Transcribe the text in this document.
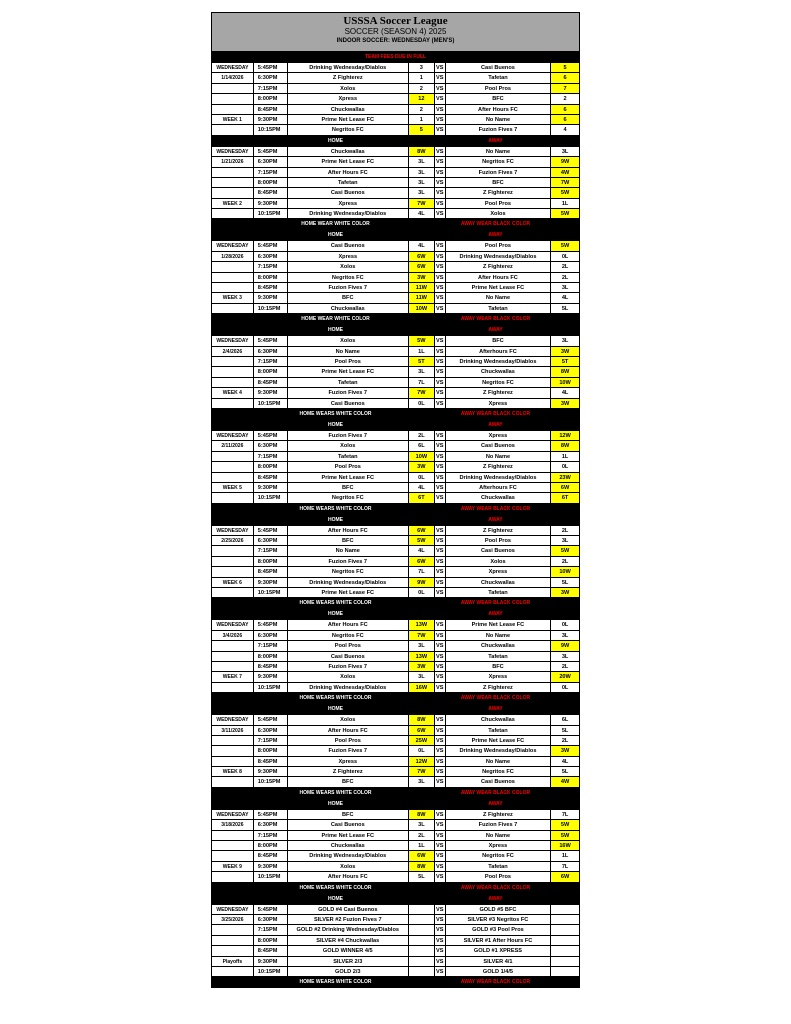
USSSA Soccer League
SOCCER (SEASON 4) 2025
INDOOR SOCCER: WEDNESDAY (MEN'S)
TEAM FEES DUE IN FULL
WEDNESDAY	5:45PM	Drinking Wednesday/Diablos	3	VS	Casi Buenos	5
1/14/2026	6:30PM	Z Fighterez	1	VS	Tafetan	6
7:15PM	Xolos	2	VS	Pool Pros	7
8:00PM	Xpress	12	VS	BFC	2
8:45PM	Chuckwallas	2	VS	After Hours FC	6
WEEK 1	9:30PM	Prime Net Lease FC	1	VS	No Name	6
10:15PM	Negritos FC	5	VS	Fuzion Fives 7	4
HOME	AWAY
WEDNESDAY	5:45PM	Chuckwallas	8W	VS	No Name	3L
1/21/2026	6:30PM	Prime Net Lease FC	3L	VS	Negritos FC	9W
7:15PM	After Hours FC	3L	VS	Fuzion Fives 7	4W
8:00PM	Tafetan	3L	VS	BFC	7W
8:45PM	Casi Buenos	3L	VS	Z Fighterez	5W
WEEK 2	9:30PM	Xpress	7W	VS	Pool Pros	1L
10:15PM	Drinking Wednesday/Diablos	4L	VS	Xolos	5W
HOME WEAR WHITE COLOR	AWAY WEAR BLACK COLOR
HOME	AWAY
WEDNESDAY	5:45PM	Casi Buenos	4L	VS	Pool Pros	5W
1/28/2026	6:30PM	Xpress	6W	VS	Drinking Wednesday/Diablos	0L
7:15PM	Xolos	6W	VS	Z Fighterez	2L
8:00PM	Negritos FC	3W	VS	After Hours FC	2L
8:45PM	Fuzion Fives 7	11W	VS	Prime Net Lease FC	3L
WEEK 3	9:30PM	BFC	11W	VS	No Name	4L
10:15PM	Chuckwallas	10W	VS	Tafetan	5L
HOME WEAR WHITE COLOR	AWAY WEAR BLACK COLOR
HOME	AWAY
WEDNESDAY	5:45PM	Xolos	5W	VS	BFC	3L
2/4/2026	6:30PM	No Name	1L	VS	Afterhours FC	3W
7:15PM	Pool Pros	5T	VS	Drinking Wednesday/Diablos	5T
8:00PM	Prime Net Lease FC	3L	VS	Chuckwallas	8W
8:45PM	Tafetan	7L	VS	Negritos FC	10W
WEEK 4	9:30PM	Fuzion Fives 7	7W	VS	Z Fighterez	4L
10:15PM	Casi Buenos	0L	VS	Xpress	3W
HOME WEARS WHITE COLOR	AWAY WEAR BLACK COLOR
HOME	AWAY
WEDNESDAY	5:45PM	Fuzion Fives 7	2L	VS	Xpress	12W
2/11/2026	6:30PM	Xolos	6L	VS	Casi Buenos	8W
7:15PM	Tafetan	10W	VS	No Name	1L
8:00PM	Pool Pros	3W	VS	Z Fighterez	0L
8:45PM	Prime Net Lease FC	0L	VS	Drinking Wednesday/Diablos	23W
WEEK 5	9:30PM	BFC	4L	VS	Afterhours FC	6W
10:15PM	Negritos FC	6T	VS	Chuckwallas	6T
HOME WEARS WHITE COLOR	AWAY WEAR BLACK COLOR
HOME	AWAY
WEDNESDAY	5:45PM	After Hours FC	6W	VS	Z Fighterez	2L
2/25/2026	6:30PM	BFC	5W	VS	Pool Pros	3L
7:15PM	No Name	4L	VS	Casi Buenos	5W
8:00PM	Fuzion Fives 7	6W	VS	Xolos	2L
8:45PM	Negritos FC	7L	VS	Xpress	10W
WEEK 6	9:30PM	Drinking Wednesday/Diablos	9W	VS	Chuckwallas	5L
10:15PM	Prime Net Lease FC	0L	VS	Tafetan	3W
HOME WEARS WHITE COLOR	AWAY WEAR BLACK COLOR
HOME	AWAY
WEDNESDAY	5:45PM	After Hours FC	13W	VS	Prime Net Lease FC	0L
3/4/2026	6:30PM	Negritos FC	7W	VS	No Name	3L
7:15PM	Pool Pros	3L	VS	Chuckwallas	9W
8:00PM	Casi Buenos	13W	VS	Tafetan	3L
8:45PM	Fuzion Fives 7	3W	VS	BFC	2L
WEEK 7	9:30PM	Xolos	3L	VS	Xpress	20W
10:15PM	Drinking Wednesday/Diablos	16W	VS	Z Fighterez	0L
HOME WEARS WHITE COLOR	AWAY WEAR BLACK COLOR
HOME	AWAY
WEDNESDAY	5:45PM	Xolos	8W	VS	Chuckwallas	6L
3/11/2026	6:30PM	After Hours FC	6W	VS	Tafetan	5L
7:15PM	Pool Pros	25W	VS	Prime Net Lease FC	2L
8:00PM	Fuzion Fives 7	0L	VS	Drinking Wednesday/Diablos	3W
8:45PM	Xpress	12W	VS	No Name	4L
WEEK 8	9:30PM	Z Fighterez	7W	VS	Negritos FC	5L
10:15PM	BFC	3L	VS	Casi Buenos	4W
HOME WEARS WHITE COLOR	AWAY WEAR BLACK COLOR
HOME	AWAY
WEDNESDAY	5:45PM	BFC	8W	VS	Z Fighterez	7L
3/18/2026	6:30PM	Casi Buenos	3L	VS	Fuzion Fives 7	5W
7:15PM	Prime Net Lease FC	2L	VS	No Name	5W
8:00PM	Chuckwallas	1L	VS	Xpress	16W
8:45PM	Drinking Wednesday/Diablos	6W	VS	Negritos FC	1L
WEEK 9	9:30PM	Xolos	8W	VS	Tafetan	7L
10:15PM	After Hours FC	5L	VS	Pool Pros	6W
HOME WEARS WHITE COLOR	AWAY WEAR BLACK COLOR
HOME	AWAY
WEDNESDAY	5:45PM	GOLD #4 Casi Buenos	VS	GOLD #5 BFC
3/25/2026	6:30PM	SILVER #2 Fuzion Fives 7	VS	SILVER #3 Negritos FC
7:15PM	GOLD #2 Drinking Wednesday/Diablos	VS	GOLD #3 Pool Pros
8:00PM	SILVER #4 Chuckwallas	VS	SILVER #1 After Hours FC
8:45PM	GOLD WINNER 4/5	VS	GOLD #1 XPRESS
Playoffs	9:30PM	SILVER 2/3	VS	SILVER 4/1
10:15PM	GOLD 2/3	VS	GOLD 1/4/5
HOME WEARS WHITE COLOR	AWAY WEAR BLACK COLOR
